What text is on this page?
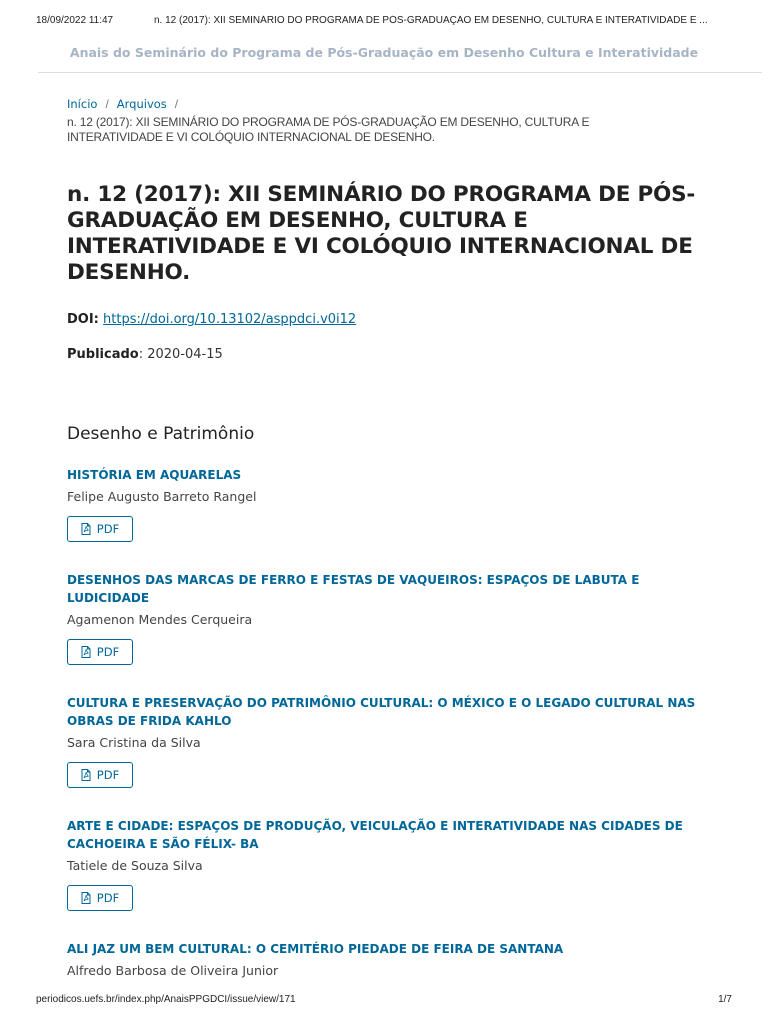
18/09/2022 11:47	n. 12 (2017): XII SEMINÁRIO DO PROGRAMA DE PÓS-GRADUAÇÃO EM DESENHO, CULTURA E INTERATIVIDADE E ...
Anais do Seminário do Programa de Pós-Graduação em Desenho Cultura e Interatividade
Início / Arquivos /
n. 12 (2017): XII SEMINÁRIO DO PROGRAMA DE PÓS-GRADUAÇÃO EM DESENHO, CULTURA E INTERATIVIDADE E VI COLÓQUIO INTERNACIONAL DE DESENHO.
n. 12 (2017): XII SEMINÁRIO DO PROGRAMA DE PÓS-GRADUAÇÃO EM DESENHO, CULTURA E INTERATIVIDADE E VI COLÓQUIO INTERNACIONAL DE DESENHO.
DOI: https://doi.org/10.13102/asppdci.v0i12
Publicado: 2020-04-15
Desenho e Patrimônio
HISTÓRIA EM AQUARELAS
Felipe Augusto Barreto Rangel
PDF
DESENHOS DAS MARCAS DE FERRO E FESTAS DE VAQUEIROS: ESPAÇOS DE LABUTA E LUDICIDADE
Agamenon Mendes Cerqueira
PDF
CULTURA E PRESERVAÇÃO DO PATRIMÔNIO CULTURAL: O MÉXICO E O LEGADO CULTURAL NAS OBRAS DE FRIDA KAHLO
Sara Cristina da Silva
PDF
ARTE E CIDADE: ESPAÇOS DE PRODUÇÃO, VEICULAÇÃO E INTERATIVIDADE NAS CIDADES DE CACHOEIRA E SÃO FÉLIX- BA
Tatiele de Souza Silva
PDF
ALI JAZ UM BEM CULTURAL: O CEMITÉRIO PIEDADE DE FEIRA DE SANTANA
Alfredo Barbosa de Oliveira Junior
periodicos.uefs.br/index.php/AnaisPPGDCI/issue/view/171	1/7
